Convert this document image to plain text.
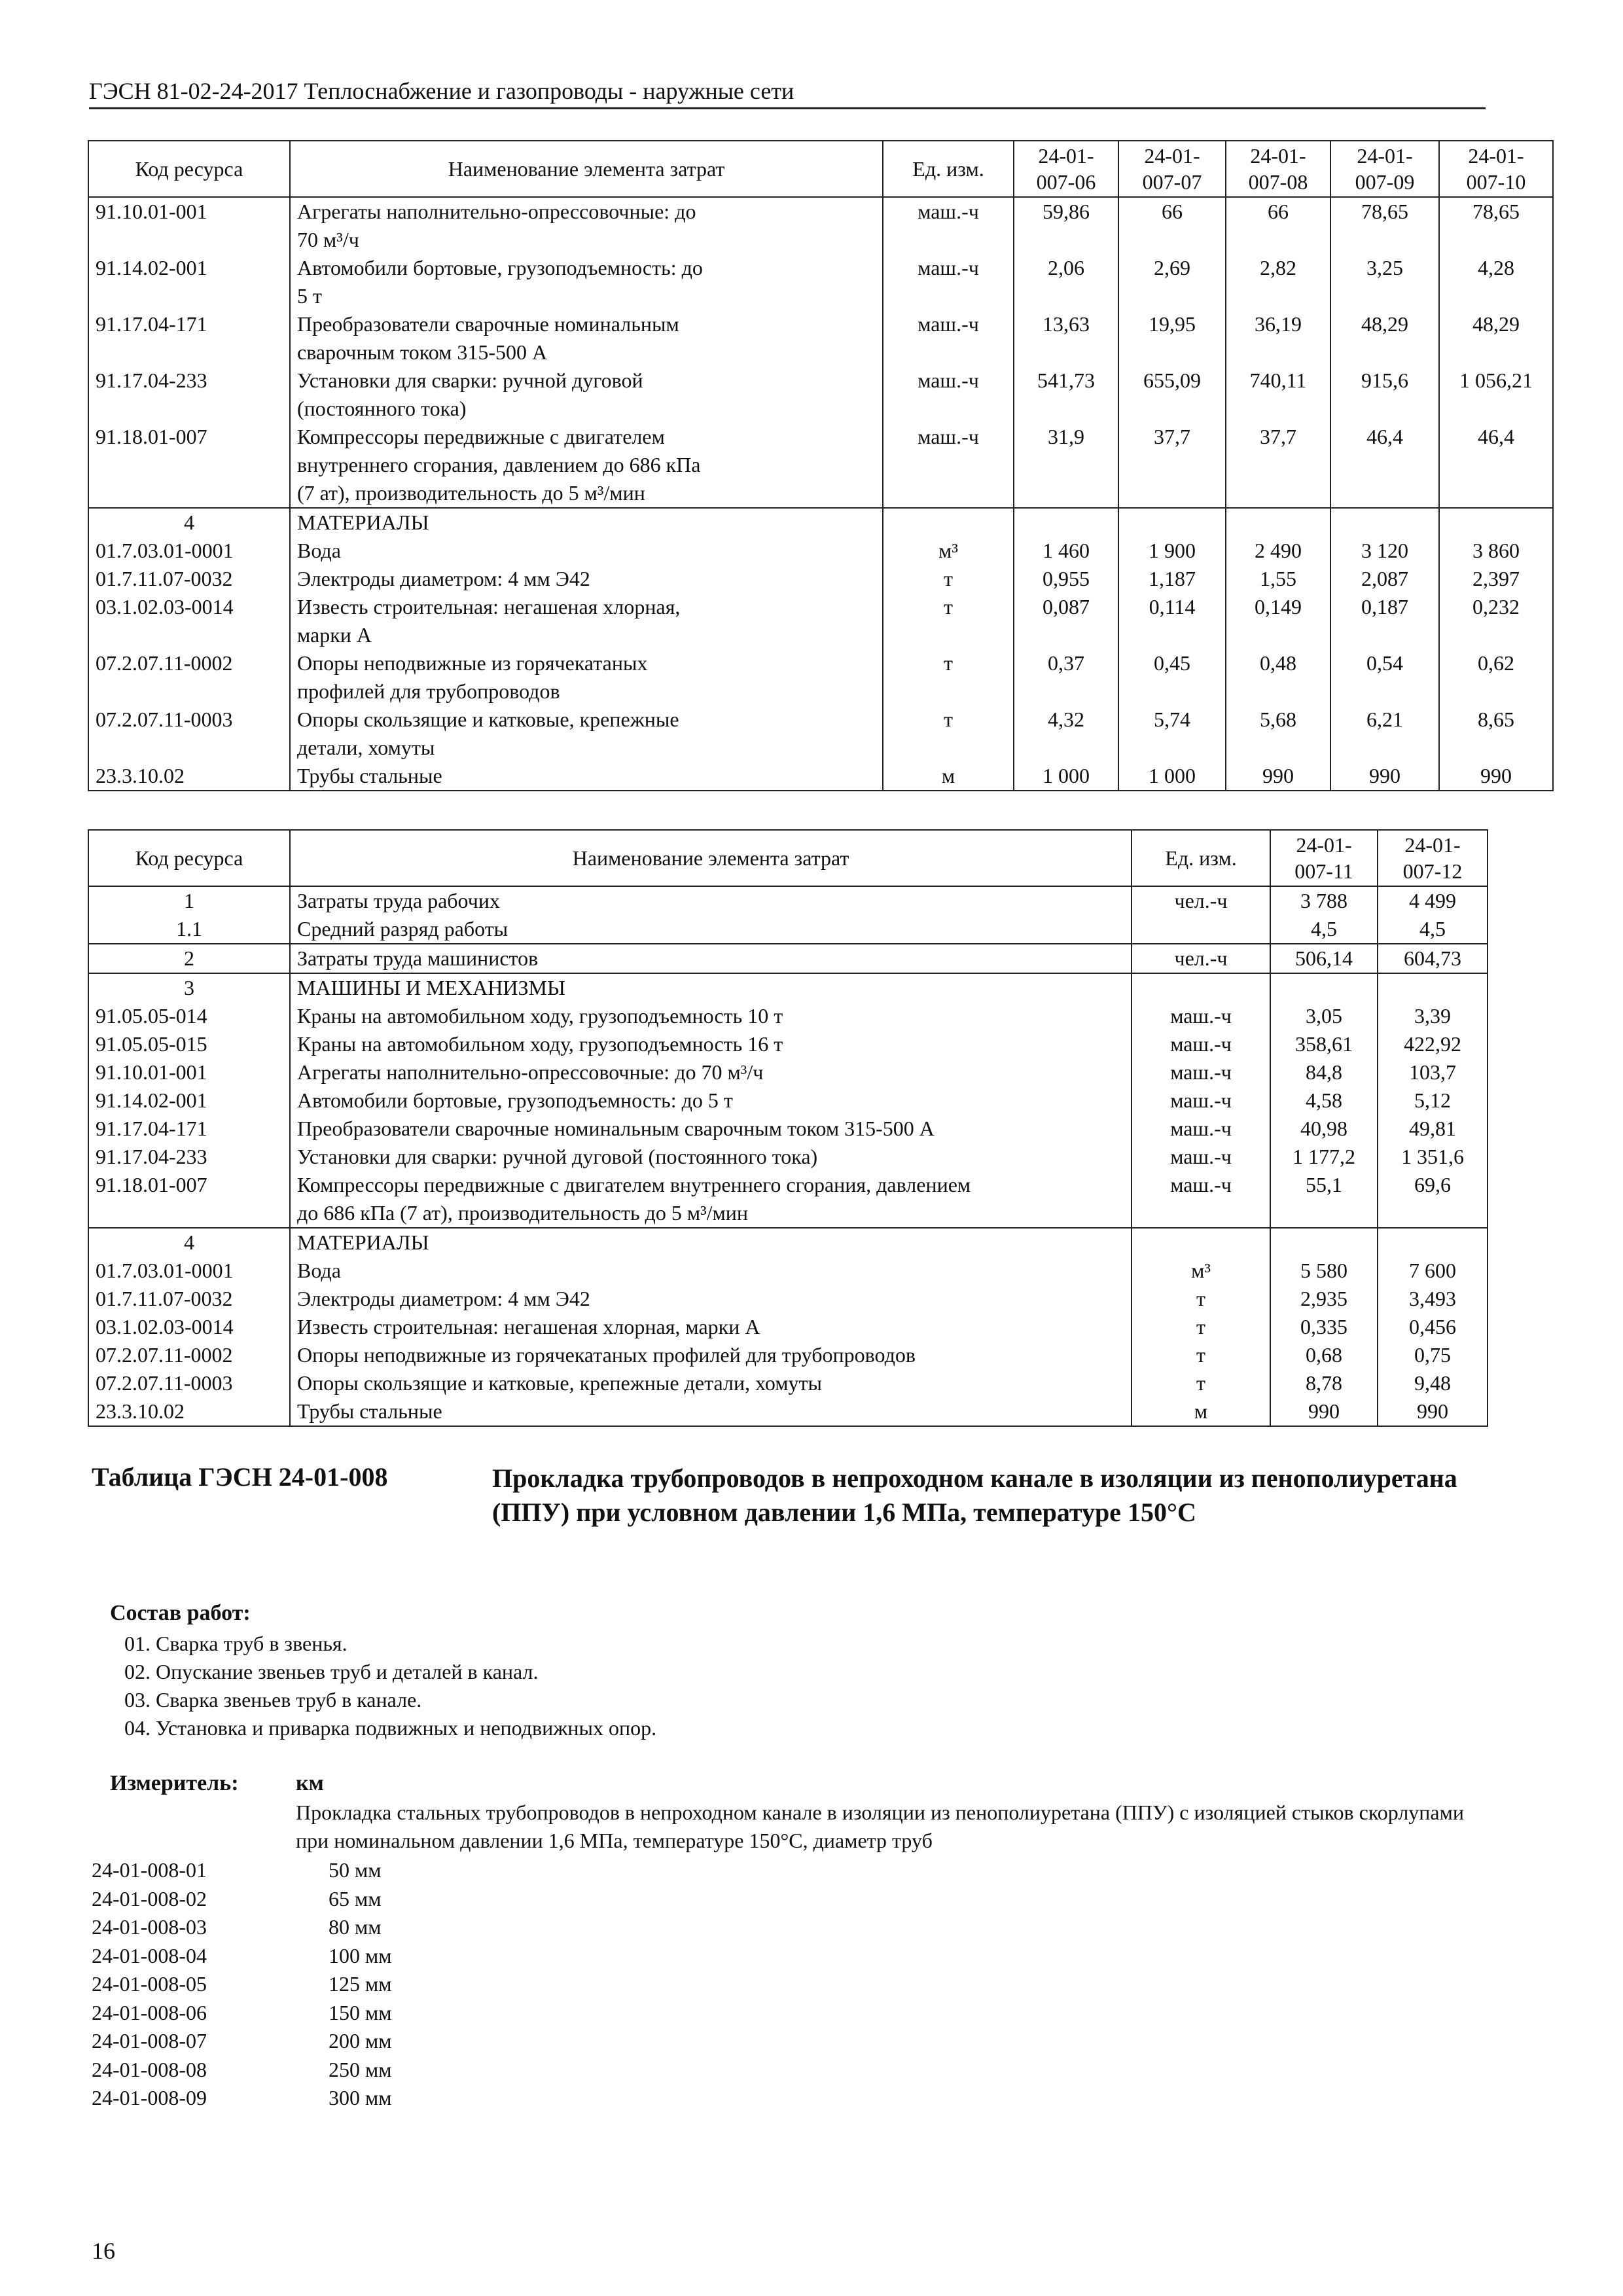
ГЭСН 81-02-24-2017 Теплоснабжение и газопроводы - наружные сети
Код ресурса	Наименование элемента затрат	Ед. изм.	24-01-
007-06	24-01-
007-07	24-01-
007-08	24-01-
007-09	24-01-
007-10

91.10.01-001	Агрегаты наполнительно-опрессовочные: до
70 м³/ч	маш.-ч	59,86	66	66	78,65	78,65
91.14.02-001	Автомобили бортовые, грузоподъемность: до
5 т	маш.-ч	2,06	2,69	2,82	3,25	4,28
91.17.04-171	Преобразователи сварочные номинальным
сварочным током 315-500 А	маш.-ч	13,63	19,95	36,19	48,29	48,29
91.17.04-233	Установки для сварки: ручной дуговой
(постоянного тока)	маш.-ч	541,73	655,09	740,11	915,6	1 056,21
91.18.01-007	Компрессоры передвижные с двигателем
внутреннего сгорания, давлением до 686 кПа
(7 ат), производительность до 5 м³/мин	маш.-ч	31,9	37,7	37,7	46,4	46,4
4	МАТЕРИАЛЫ						
01.7.03.01-0001	Вода	м³	1 460	1 900	2 490	3 120	3 860
01.7.11.07-0032	Электроды диаметром: 4 мм Э42	т	0,955	1,187	1,55	2,087	2,397
03.1.02.03-0014	Известь строительная: негашеная хлорная,
марки А	т	0,087	0,114	0,149	0,187	0,232
07.2.07.11-0002	Опоры неподвижные из горячекатаных
профилей для трубопроводов	т	0,37	0,45	0,48	0,54	0,62
07.2.07.11-0003	Опоры скользящие и катковые, крепежные
детали, хомуты	т	4,32	5,74	5,68	6,21	8,65
23.3.10.02	Трубы стальные	м	1 000	1 000	990	990	990
Код ресурса	Наименование элемента затрат	Ед. изм.	24-01-
007-11	24-01-
007-12

1	Затраты труда рабочих	чел.-ч	3 788	4 499
1.1	Средний разряд работы		4,5	4,5
2	Затраты труда машинистов	чел.-ч	506,14	604,73
3	МАШИНЫ И МЕХАНИЗМЫ			
91.05.05-014	Краны на автомобильном ходу, грузоподъемность 10 т	маш.-ч	3,05	3,39
91.05.05-015	Краны на автомобильном ходу, грузоподъемность 16 т	маш.-ч	358,61	422,92
91.10.01-001	Агрегаты наполнительно-опрессовочные: до 70 м³/ч	маш.-ч	84,8	103,7
91.14.02-001	Автомобили бортовые, грузоподъемность: до 5 т	маш.-ч	4,58	5,12
91.17.04-171	Преобразователи сварочные номинальным сварочным током 315-500 А	маш.-ч	40,98	49,81
91.17.04-233	Установки для сварки: ручной дуговой (постоянного тока)	маш.-ч	1 177,2	1 351,6
91.18.01-007	Компрессоры передвижные с двигателем внутреннего сгорания, давлением
до 686 кПа (7 ат), производительность до 5 м³/мин	маш.-ч	55,1	69,6
4	МАТЕРИАЛЫ			
01.7.03.01-0001	Вода	м³	5 580	7 600
01.7.11.07-0032	Электроды диаметром: 4 мм Э42	т	2,935	3,493
03.1.02.03-0014	Известь строительная: негашеная хлорная, марки А	т	0,335	0,456
07.2.07.11-0002	Опоры неподвижные из горячекатаных профилей для трубопроводов	т	0,68	0,75
07.2.07.11-0003	Опоры скользящие и катковые, крепежные детали, хомуты	т	8,78	9,48
23.3.10.02	Трубы стальные	м	990	990
Таблица ГЭСН 24-01-008	Прокладка трубопроводов в непроходном канале в изоляции из пенополиуретана (ППУ) при условном давлении 1,6 МПа, температуре 150°С
Состав работ:
01. Сварка труб в звенья.
02. Опускание звеньев труб и деталей в канал.
03. Сварка звеньев труб в канале.
04. Установка и приварка подвижных и неподвижных опор.
Измеритель:	км
Прокладка стальных трубопроводов в непроходном канале в изоляции из пенополиуретана (ППУ) с изоляцией стыков скорлупами при номинальном давлении 1,6 МПа, температуре 150°С, диаметр труб
24-01-008-01	50 мм
24-01-008-02	65 мм
24-01-008-03	80 мм
24-01-008-04	100 мм
24-01-008-05	125 мм
24-01-008-06	150 мм
24-01-008-07	200 мм
24-01-008-08	250 мм
24-01-008-09	300 мм
16
